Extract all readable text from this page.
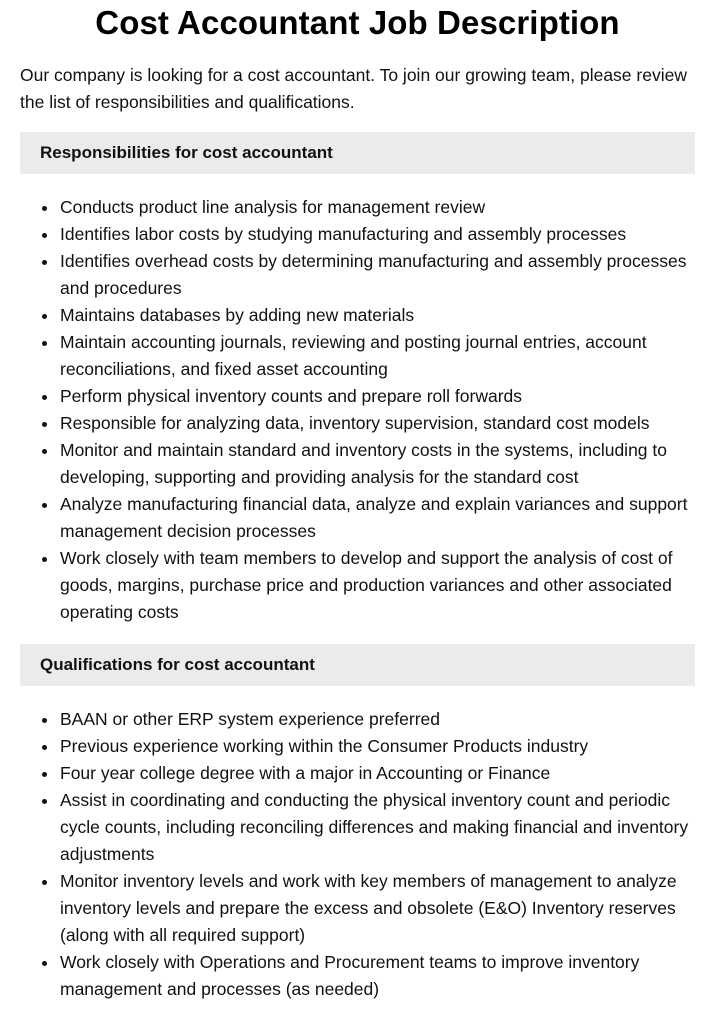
Cost Accountant Job Description

Our company is looking for a cost accountant. To join our growing team, please review the list of responsibilities and qualifications.

Responsibilities for cost accountant
Conducts product line analysis for management review
Identifies labor costs by studying manufacturing and assembly processes
Identifies overhead costs by determining manufacturing and assembly processes and procedures
Maintains databases by adding new materials
Maintain accounting journals, reviewing and posting journal entries, account reconciliations, and fixed asset accounting
Perform physical inventory counts and prepare roll forwards
Responsible for analyzing data, inventory supervision, standard cost models
Monitor and maintain standard and inventory costs in the systems, including to developing, supporting and providing analysis for the standard cost
Analyze manufacturing financial data, analyze and explain variances and support management decision processes
Work closely with team members to develop and support the analysis of cost of goods, margins, purchase price and production variances and other associated operating costs
Qualifications for cost accountant
BAAN or other ERP system experience preferred
Previous experience working within the Consumer Products industry
Four year college degree with a major in Accounting or Finance
Assist in coordinating and conducting the physical inventory count and periodic cycle counts, including reconciling differences and making financial and inventory adjustments
Monitor inventory levels and work with key members of management to analyze inventory levels and prepare the excess and obsolete (E&O) Inventory reserves (along with all required support)
Work closely with Operations and Procurement teams to improve inventory management and processes (as needed)
